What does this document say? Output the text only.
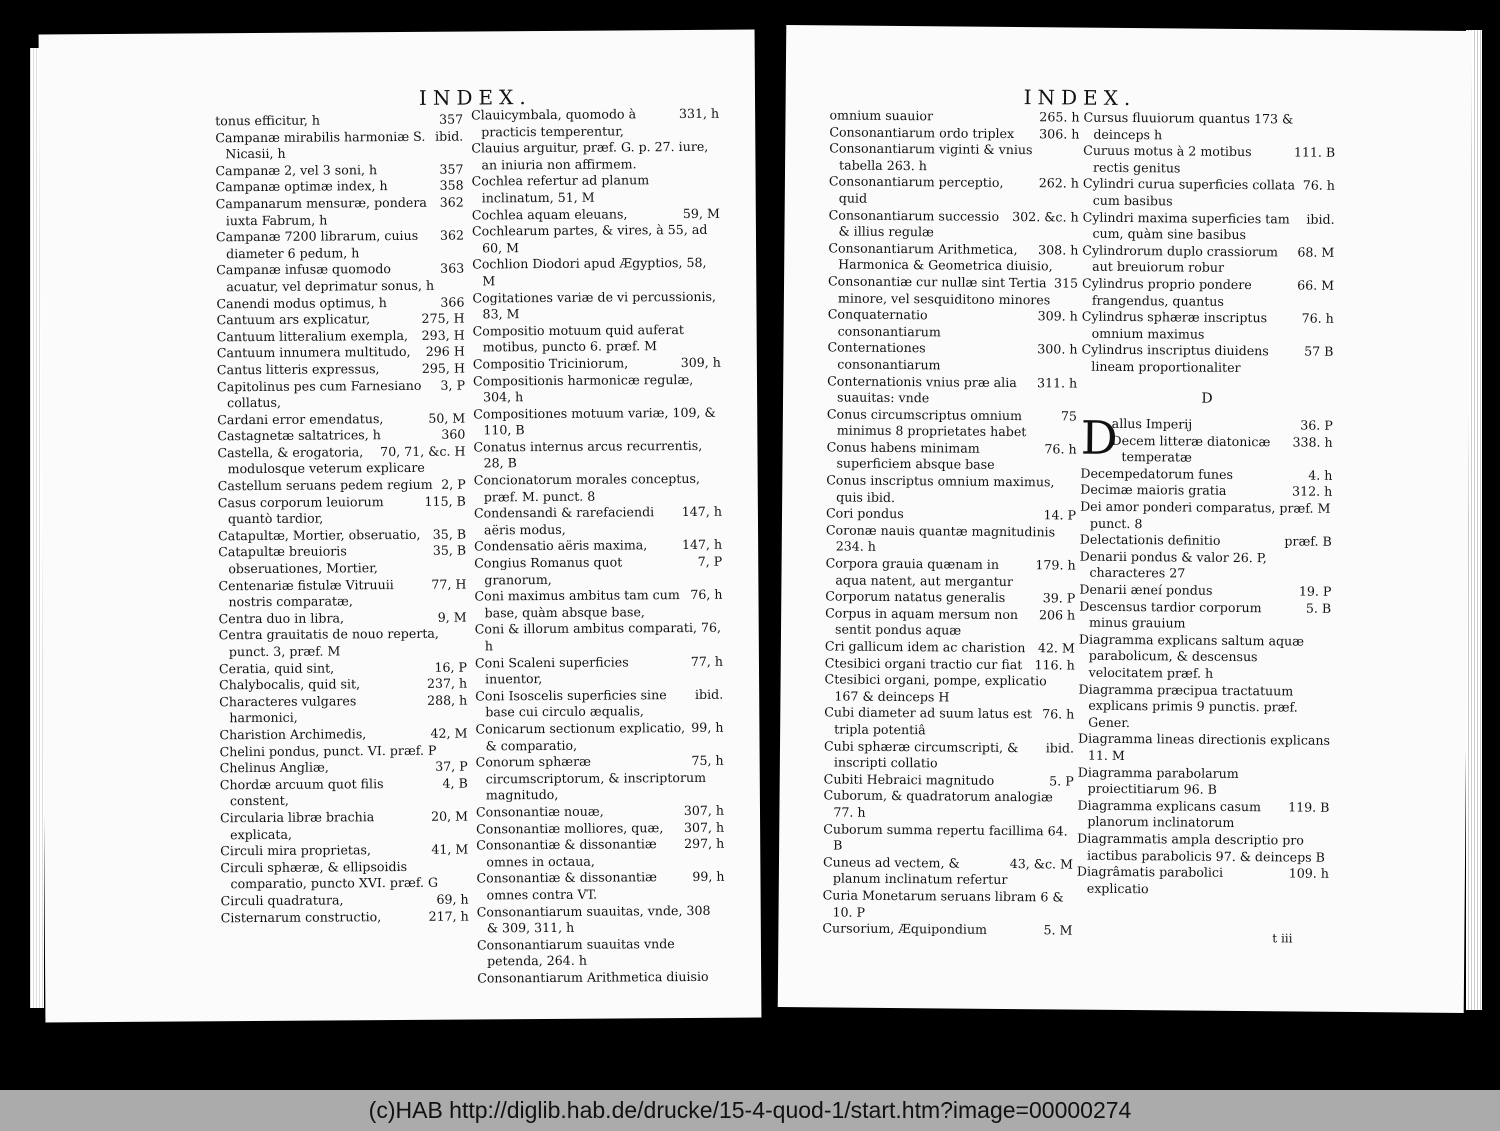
INDEX.
357
tonus efficitur, h
ibid.
Campanæ mirabilis harmoniæ S. Nicasii, h
357
Campanæ 2, vel 3 soni, h
358
Campanæ optimæ index, h
362
Campanarum mensuræ, pondera iuxta Fabrum, h
362
Campanæ 7200 librarum, cuius diameter 6 pedum, h
363
Campanæ infusæ quomodo acuatur, vel deprimatur sonus, h
366
Canendi modus optimus, h
275, H
Cantuum ars explicatur,
293, H
Cantuum litteralium exempla,
296 H
Cantuum innumera multitudo,
295, H
Cantus litteris expressus,
3, P
Capitolinus pes cum Farnesiano collatus,
50, M
Cardani error emendatus,
360
Castagnetæ saltatrices, h
70, 71, &c. H
Castella, & erogatoria, modulosque veterum explicare
2, P
Castellum seruans pedem regium
115, B
Casus corporum leuiorum quantò tardior,
35, B
Catapultæ, Mortier, obseruatio,
35, B
Catapultæ breuioris obseruationes, Mortier,
77, H
Centenariæ fistulæ Vitruuii nostris comparatæ,
9, M
Centra duo in libra,
Centra grauitatis de nouo reperta, punct. 3, præf. M
16, P
Ceratia, quid sint,
237, h
Chalybocalis, quid sit,
288, h
Characteres vulgares harmonici,
42, M
Charistion Archimedis,
Chelini pondus, punct. VI. præf. P
37, P
Chelinus Angliæ,
4, B
Chordæ arcuum quot filis constent,
20, M
Circularia libræ brachia explicata,
41, M
Circuli mira proprietas,
Circuli sphæræ, & ellipsoidis comparatio, puncto XVI. præf. G
69, h
Circuli quadratura,
217, h
Cisternarum constructio,
331, h
Clauicymbala, quomodo à practicis temperentur,
Clauius arguitur, præf. G. p. 27. iure, an iniuria non affirmem.
Cochlea refertur ad planum inclinatum, 51, M
59, M
Cochlea aquam eleuans,
Cochlearum partes, & vires, à 55, ad 60, M
Cochlion Diodori apud Ægyptios, 58, M
Cogitationes variæ de vi percussionis, 83, M
Compositio motuum quid auferat motibus, puncto 6. præf. M
309, h
Compositio Triciniorum,
Compositionis harmonicæ regulæ, 304, h
Compositiones motuum variæ, 109, & 110, B
Conatus internus arcus recurrentis, 28, B
Concionatorum morales conceptus, præf. M. punct. 8
147, h
Condensandi & rarefaciendi aëris modus,
147, h
Condensatio aëris maxima,
7, P
Congius Romanus quot granorum,
76, h
Coni maximus ambitus tam cum base, quàm absque base,
Coni & illorum ambitus comparati, 76, h
77, h
Coni Scaleni superficies inuentor,
ibid.
Coni Isoscelis superficies sine base cui circulo æqualis,
99, h
Conicarum sectionum explicatio, & comparatio,
75, h
Conorum sphæræ circumscriptorum, & inscriptorum magnitudo,
307, h
Consonantiæ nouæ,
307, h
Consonantiæ molliores, quæ,
297, h
Consonantiæ & dissonantiæ omnes in octaua,
99, h
Consonantiæ & dissonantiæ omnes contra VT.
Consonantiarum suauitas, vnde, 308 & 309, 311, h
Consonantiarum suauitas vnde petenda, 264. h
Consonantiarum Arithmetica diuisio
INDEX.
265. h
omnium suauior
306. h
Consonantiarum ordo triplex
Consonantiarum viginti & vnius tabella 263. h
262. h
Consonantiarum perceptio, quid
302. &c. h
Consonantiarum successio & illius regulæ
308. h
Consonantiarum Arithmetica, Harmonica & Geometrica diuisio,
315
Consonantiæ cur nullæ sint Tertia minore, vel sesquiditono minores
309. h
Conquaternatio consonantiarum
300. h
Conternationes consonantiarum
311. h
Conternationis vnius præ alia suauitas: vnde
75
Conus circumscriptus omnium minimus 8 proprietates habet
76. h
Conus habens minimam superficiem absque base
Conus inscriptus omnium maximus, quis ibid.
14. P
Cori pondus
Coronæ nauis quantæ magnitudinis 234. h
179. h
Corpora grauia quænam in aqua natent, aut mergantur
39. P
Corporum natatus generalis
206 h
Corpus in aquam mersum non sentit pondus aquæ
42. M
Cri gallicum idem ac charistion
116. h
Ctesibici organi tractio cur fiat
Ctesibici organi, pompe, explicatio 167 & deinceps H
76. h
Cubi diameter ad suum latus est tripla potentiâ
ibid.
Cubi sphæræ circumscripti, & inscripti collatio
5. P
Cubiti Hebraici magnitudo
Cuborum, & quadratorum analogiæ 77. h
Cuborum summa repertu facillima 64. B
43, &c. M
Cuneus ad vectem, & planum inclinatum refertur
Curia Monetarum seruans libram 6 & 10. P
5. M
Cursorium, Æquipondium
Cursus fluuiorum quantus 173 & deinceps h
111. B
Curuus motus à 2 motibus rectis genitus
76. h
Cylindri curua superficies collata cum basibus
ibid.
Cylindri maxima superficies tam cum, quàm sine basibus
68. M
Cylindrorum duplo crassiorum aut breuiorum robur
66. M
Cylindrus proprio pondere frangendus, quantus
76. h
Cylindrus sphæræ inscriptus omnium maximus
57 B
Cylindrus inscriptus diuidens lineam proportionaliter
D
D	36. P
allus Imperij
338. h
Decem litteræ diatonicæ temperatæ
4. h
Decempedatorum funes
312. h
Decimæ maioris gratia
Dei amor ponderi comparatus, præf. M punct. 8
præf. B
Delectationis definitio
Denarii pondus & valor 26. P, characteres 27
19. P
Denarii æneí pondus
5. B
Descensus tardior corporum minus grauium
Diagramma explicans saltum aquæ parabolicum, & descensus velocitatem præf. h
Diagramma præcipua tractatuum explicans primis 9 punctis. præf. Gener.
Diagramma lineas directionis explicans 11. M
Diagramma parabolarum proiectitiarum 96. B
119. B
Diagramma explicans casum planorum inclinatorum
Diagrammatis ampla descriptio pro iactibus parabolicis 97. & deinceps B
109. h
Diagrâmatis parabolici explicatio
t iii
(c)HAB http://diglib.hab.de/drucke/15-4-quod-1/start.htm?image=00000274
